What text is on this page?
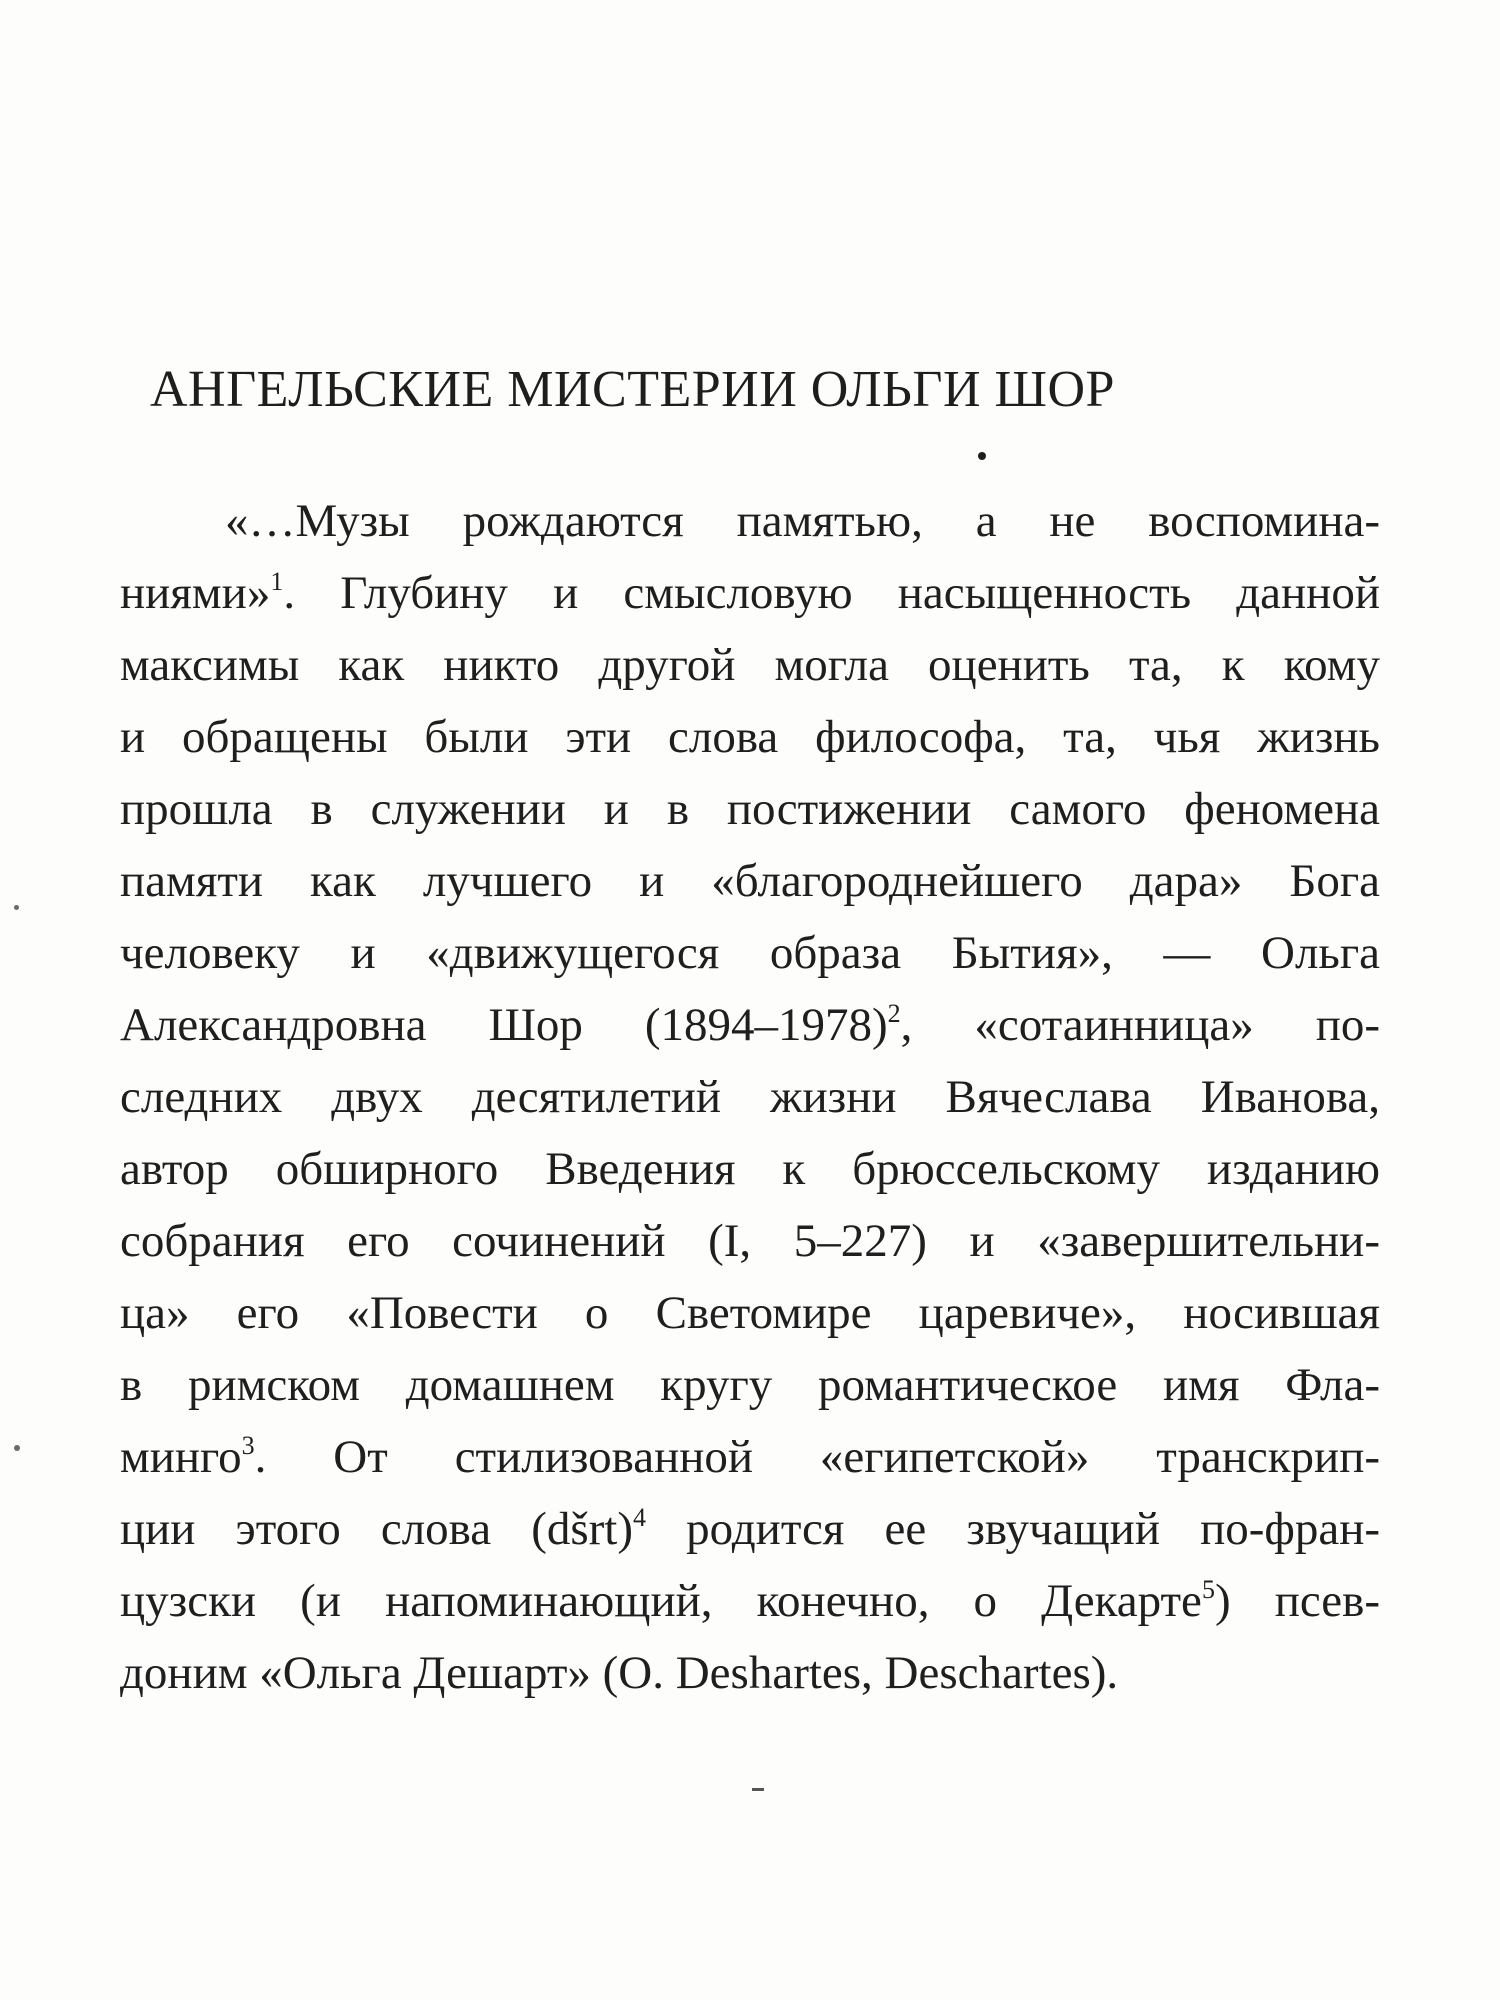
АНГЕЛЬСКИЕ МИСТЕРИИ ОЛЬГИ ШОР
«…Музы рождаются памятью, а не воспомина-
ниями»$^1$. Глубину и смысловую насыщенность данной
максимы как никто другой могла оценить та, к кому
и обращены были эти слова философа, та, чья жизнь
прошла в служении и в постижении самого феномена
памяти как лучшего и «благороднейшего дара» Бога
человеку и «движущегося образа Бытия», — Ольга
Александровна Шор (1894–1978)$^2$, «сотаинница» по-
следних двух десятилетий жизни Вячеслава Иванова,
автор обширного Введения к брюссельскому изданию
собрания его сочинений (I, 5–227) и «завершительни-
ца» его «Повести о Светомире царевиче», носившая
в римском домашнем кругу романтическое имя Фла-
минго$^3$. От стилизованной «египетской» транскрип-
ции этого слова (dšrt)$^4$ родится ее звучащий по-фран-
цузски (и напоминающий, конечно, о Декарте$^5$) псев-
доним «Ольга Дешарт» (O. Deshartes, Deschartes).
